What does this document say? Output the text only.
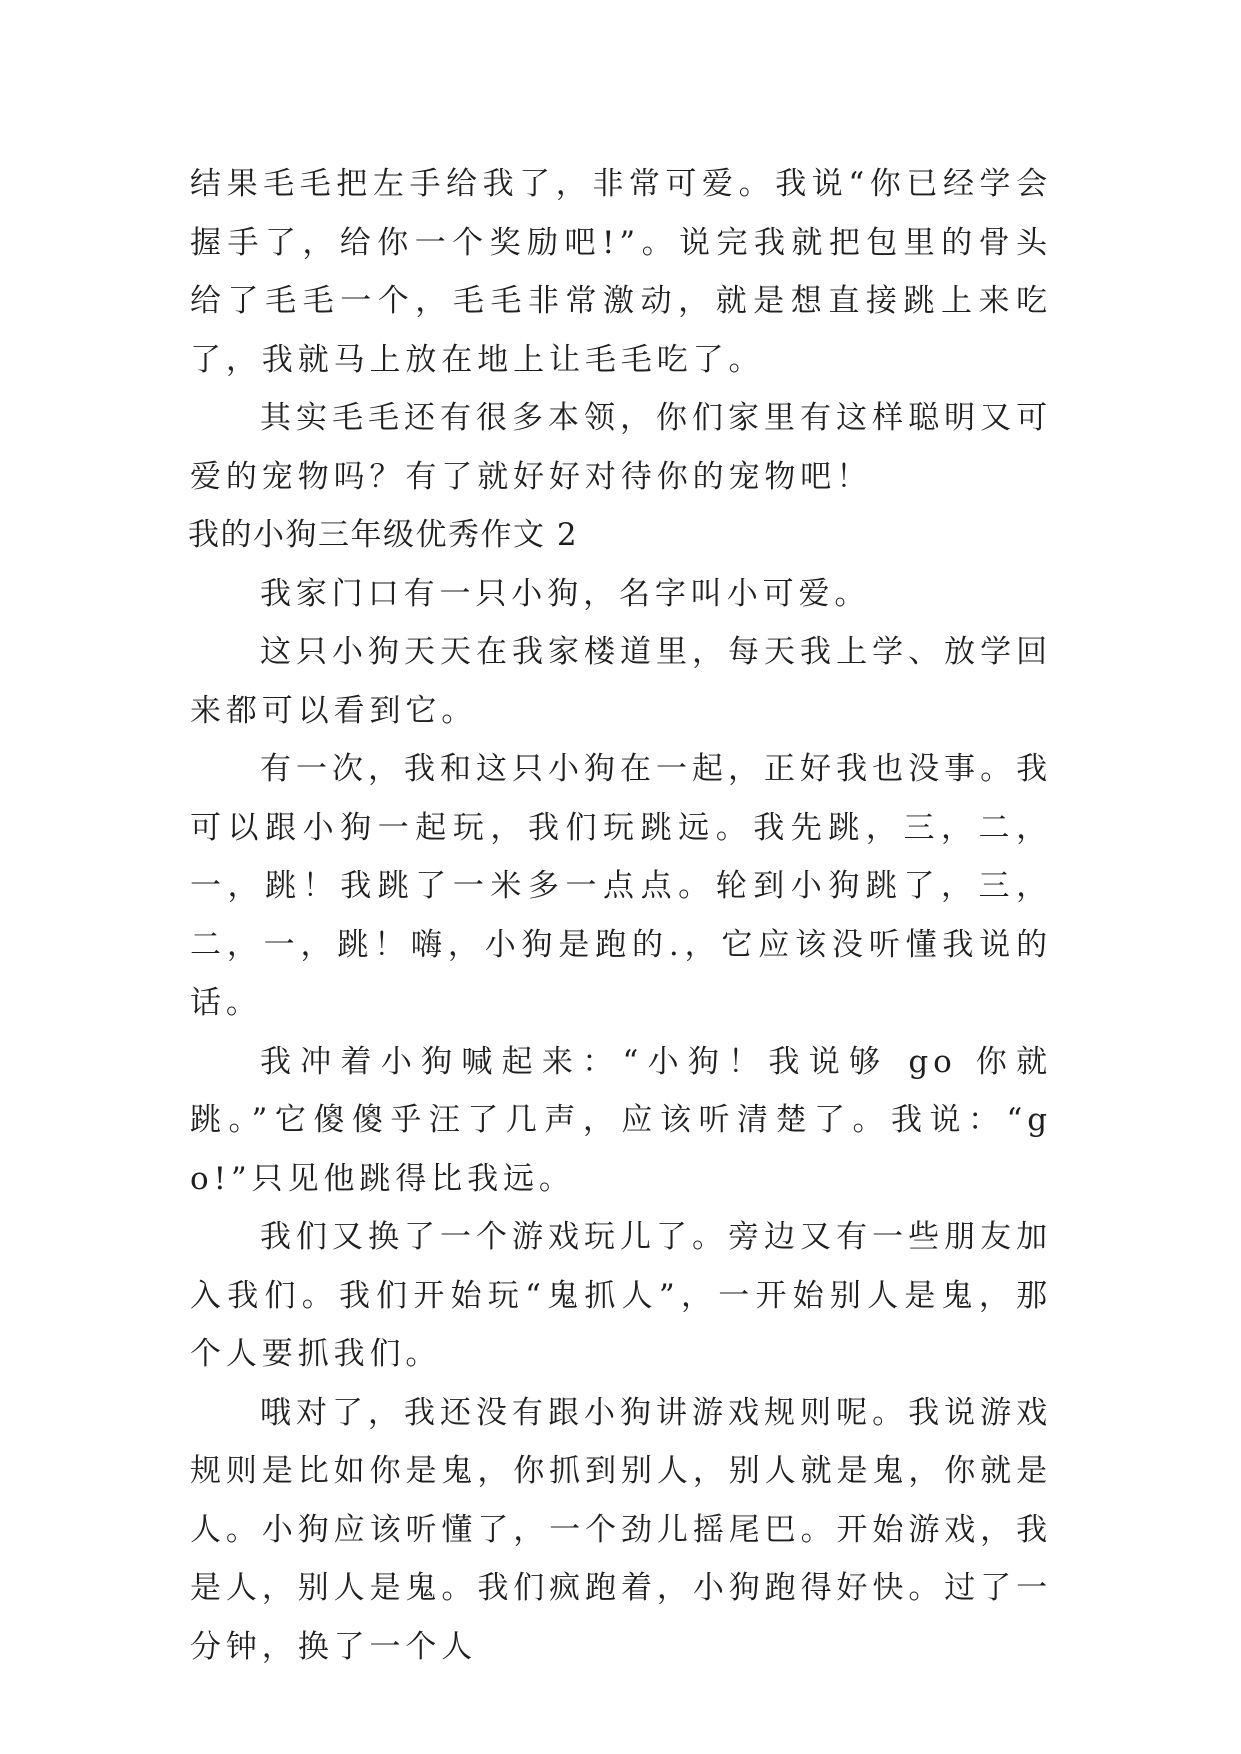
结果毛毛把左手给我了，非常可爱。我说“你已经学会握手了，给你一个奖励吧!”。说完我就把包里的骨头给了毛毛一个，毛毛非常激动，就是想直接跳上来吃了，我就马上放在地上让毛毛吃了。

其实毛毛还有很多本领，你们家里有这样聪明又可爱的宠物吗？有了就好好对待你的宠物吧！

我的小狗三年级优秀作文 2

我家门口有一只小狗，名字叫小可爱。

这只小狗天天在我家楼道里，每天我上学、放学回来都可以看到它。

有一次，我和这只小狗在一起，正好我也没事。我可以跟小狗一起玩，我们玩跳远。我先跳，三，二，一，跳！我跳了一米多一点点。轮到小狗跳了，三，二，一，跳！嗨，小狗是跑的.，它应该没听懂我说的话。

我冲着小狗喊起来：“小狗！我说够 go 你就跳。”它傻傻乎汪了几声，应该听清楚了。我说：“go!”只见他跳得比我远。

我们又换了一个游戏玩儿了。旁边又有一些朋友加入我们。我们开始玩“鬼抓人”，一开始别人是鬼，那个人要抓我们。

哦对了，我还没有跟小狗讲游戏规则呢。我说游戏规则是比如你是鬼，你抓到别人，别人就是鬼，你就是人。小狗应该听懂了，一个劲儿摇尾巴。开始游戏，我是人，别人是鬼。我们疯跑着，小狗跑得好快。过了一分钟，换了一个人
